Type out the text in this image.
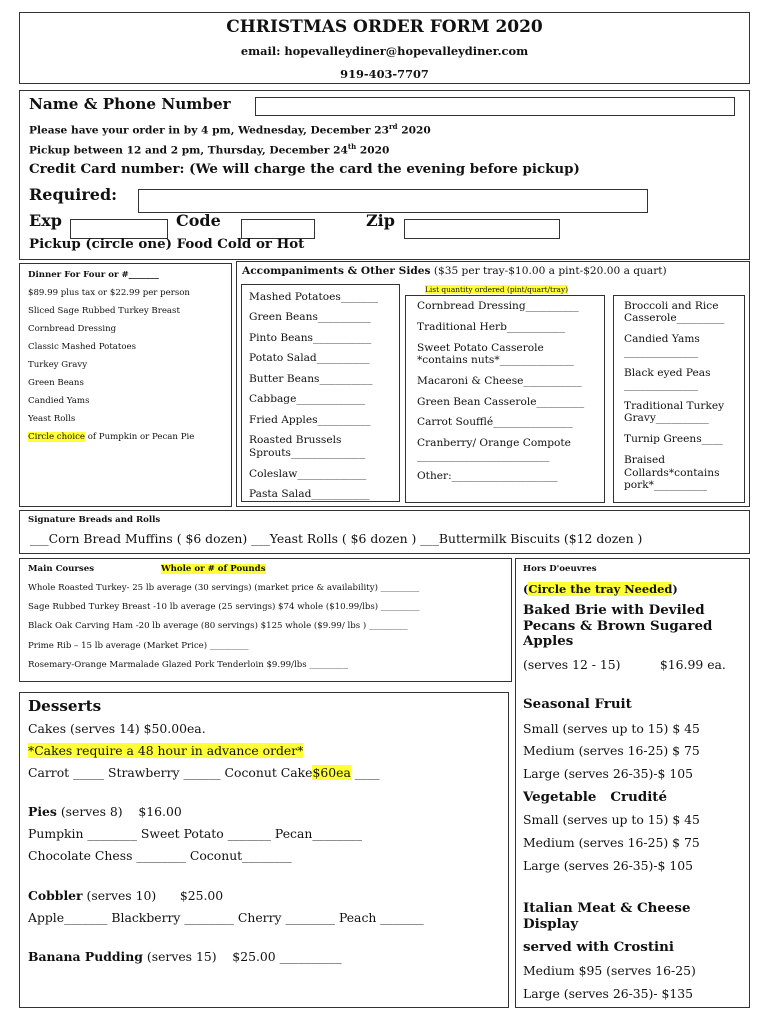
CHRISTMAS ORDER FORM 2020
email: hopevalleydiner@hopevalleydiner.com
919-403-7707
Name & Phone Number
Please have your order in by 4 pm, Wednesday, December 23rd 2020
Pickup between 12 and 2 pm, Thursday, December 24th 2020
Credit Card number: (We will charge the card the evening before pickup)
Required:
Exp	Code	Zip
Pickup (circle one) Food Cold or Hot
Dinner For Four or #_______
$89.99 plus tax or $22.99 per person
Sliced Sage Rubbed Turkey Breast
Cornbread Dressing
Classic Mashed Potatoes
Turkey Gravy
Green Beans
Candied Yams
Yeast Rolls
Circle choice of Pumpkin or Pecan Pie
Accompaniments & Other Sides ($35 per tray-$10.00 a pint-$20.00 a quart)
List quantity ordered (pint/quart/tray)
Mashed Potatoes_______
Green Beans__________
Pinto Beans___________
Potato Salad__________
Butter Beans__________
Cabbage_____________
Fried Apples__________
Roasted Brussels
Sprouts______________
Coleslaw_____________
Pasta Salad___________
Cornbread Dressing__________
Traditional Herb___________
Sweet Potato Casserole
*contains nuts*______________
Macaroni & Cheese___________
Green Bean Casserole_________
Carrot Soufflé_______________
Cranberry/ Orange Compote
_________________________
Other:____________________
Broccoli and Rice
Casserole_________
Candied Yams
______________
Black eyed Peas
______________
Traditional Turkey
Gravy__________
Turnip Greens____
Braised
Collards*contains
pork*__________
Signature Breads and Rolls
___Corn Bread Muffins ( $6 dozen) ___Yeast Rolls ( $6 dozen ) ___Buttermilk Biscuits ($12 dozen )
Main Courses	Whole or # of Pounds
Whole Roasted Turkey- 25 lb average (30 servings) (market price & availability) _________
Sage Rubbed Turkey Breast -10 lb average (25 servings) $74 whole ($10.99/lbs) _________
Black Oak Carving Ham -20 lb average (80 servings) $125 whole ($9.99/ lbs ) _________
Prime Rib – 15 lb average (Market Price) _________
Rosemary-Orange Marmalade Glazed Pork Tenderloin $9.99/lbs _________
Hors D'oeuvres
(Circle the tray Needed)
Baked Brie with Deviled Pecans & Brown Sugared Apples
(serves 12 - 15)          $16.99 ea.
Seasonal Fruit
Small (serves up to 15) $ 45
Medium (serves 16-25) $ 75
Large (serves 26-35)-$ 105
Vegetable   Crudité
Small (serves up to 15) $ 45
Medium (serves 16-25) $ 75
Large (serves 26-35)-$ 105
Italian Meat & Cheese Display
served with Crostini
Medium $95 (serves 16-25)
Large (serves 26-35)- $135
Desserts
Cakes (serves 14) $50.00ea.
*Cakes require a 48 hour in advance order*
Carrot _____ Strawberry ______ Coconut Cake$60ea ____
Pies (serves 8)    $16.00
Pumpkin ________ Sweet Potato _______ Pecan________
Chocolate Chess ________ Coconut________
Cobbler (serves 10)      $25.00
Apple_______ Blackberry ________ Cherry ________ Peach _______
Banana Pudding (serves 15)    $25.00 __________
